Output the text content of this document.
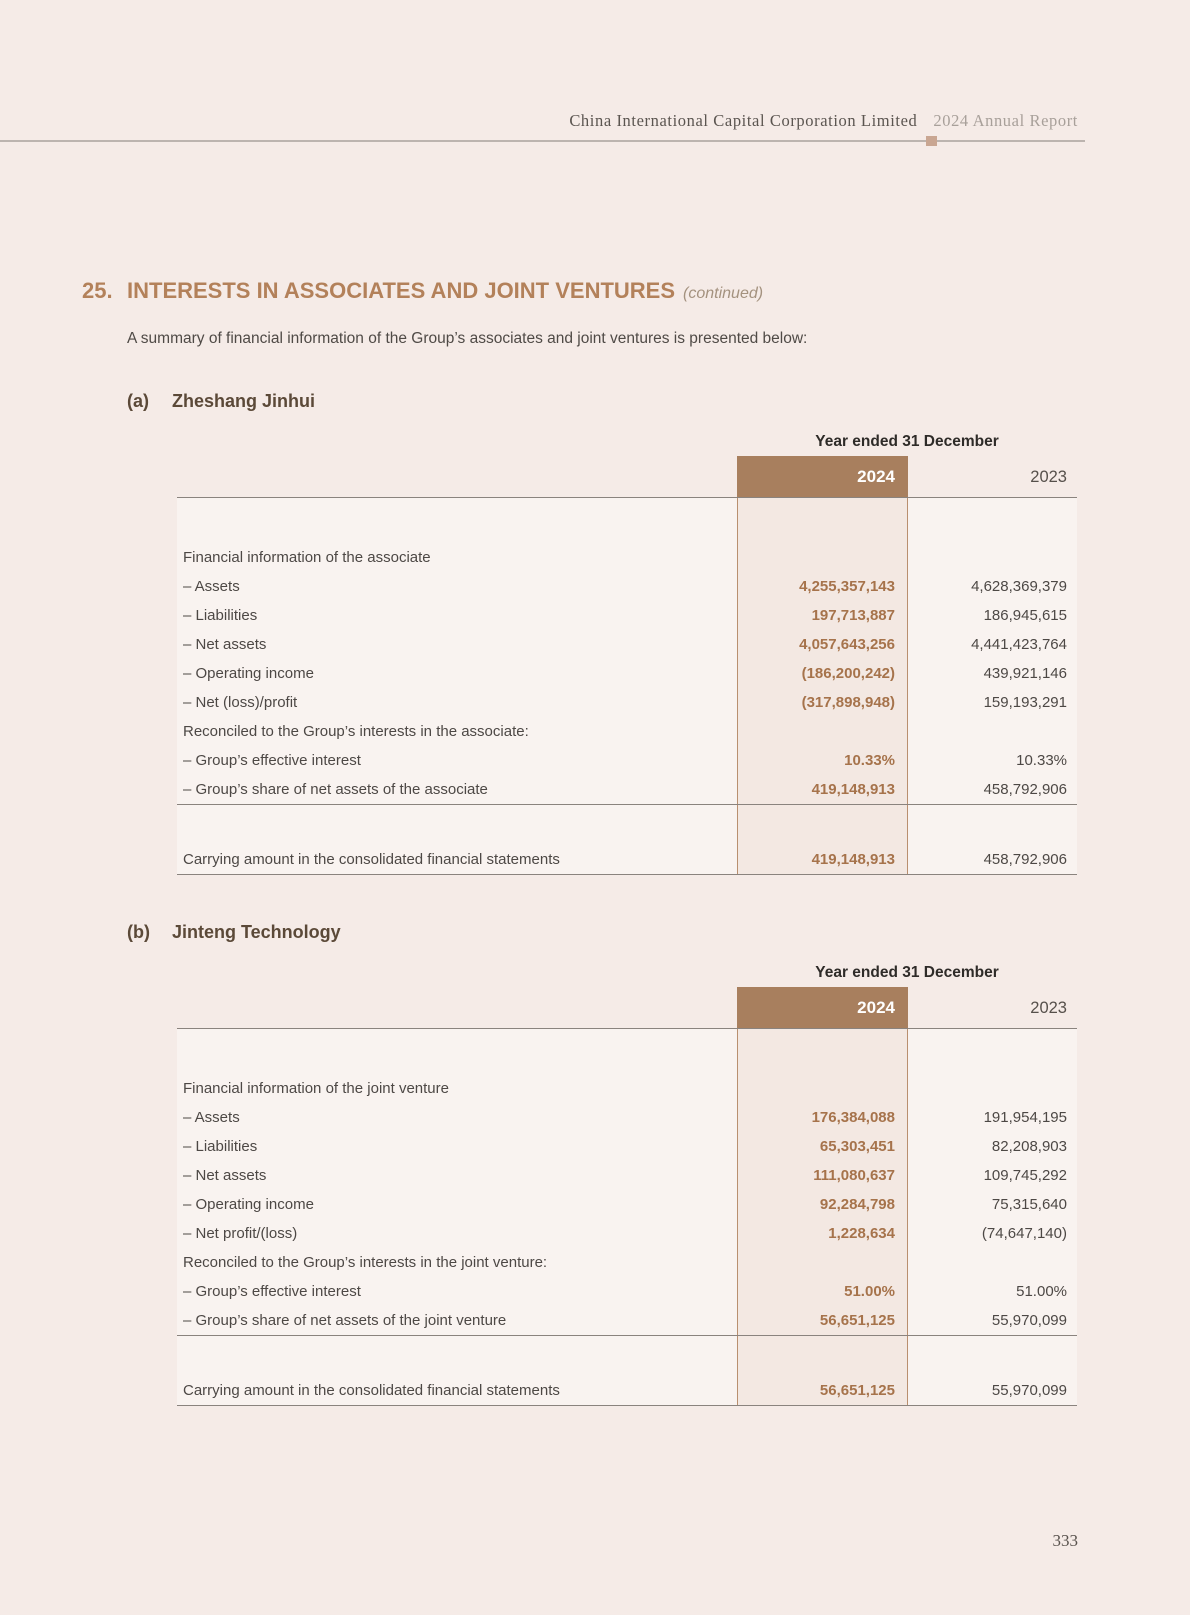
China International Capital Corporation Limited 2024 Annual Report
25. INTERESTS IN ASSOCIATES AND JOINT VENTURES (continued)

A summary of financial information of the Group’s associates and joint ventures is presented below:

(a) Zheshang Jinhui
Year ended 31 December
2024	2023
Financial information of the associate
– Assets	4,255,357,143	4,628,369,379
– Liabilities	197,713,887	186,945,615
– Net assets	4,057,643,256	4,441,423,764
– Operating income	(186,200,242)	439,921,146
– Net (loss)/profit	(317,898,948)	159,193,291
Reconciled to the Group’s interests in the associate:
– Group’s effective interest	10.33%	10.33%
– Group’s share of net assets of the associate	419,148,913	458,792,906
Carrying amount in the consolidated financial statements	419,148,913	458,792,906
(b) Jinteng Technology
Year ended 31 December
2024	2023
Financial information of the joint venture
– Assets	176,384,088	191,954,195
– Liabilities	65,303,451	82,208,903
– Net assets	111,080,637	109,745,292
– Operating income	92,284,798	75,315,640
– Net profit/(loss)	1,228,634	(74,647,140)
Reconciled to the Group’s interests in the joint venture:
– Group’s effective interest	51.00%	51.00%
– Group’s share of net assets of the joint venture	56,651,125	55,970,099
Carrying amount in the consolidated financial statements	56,651,125	55,970,099
333
